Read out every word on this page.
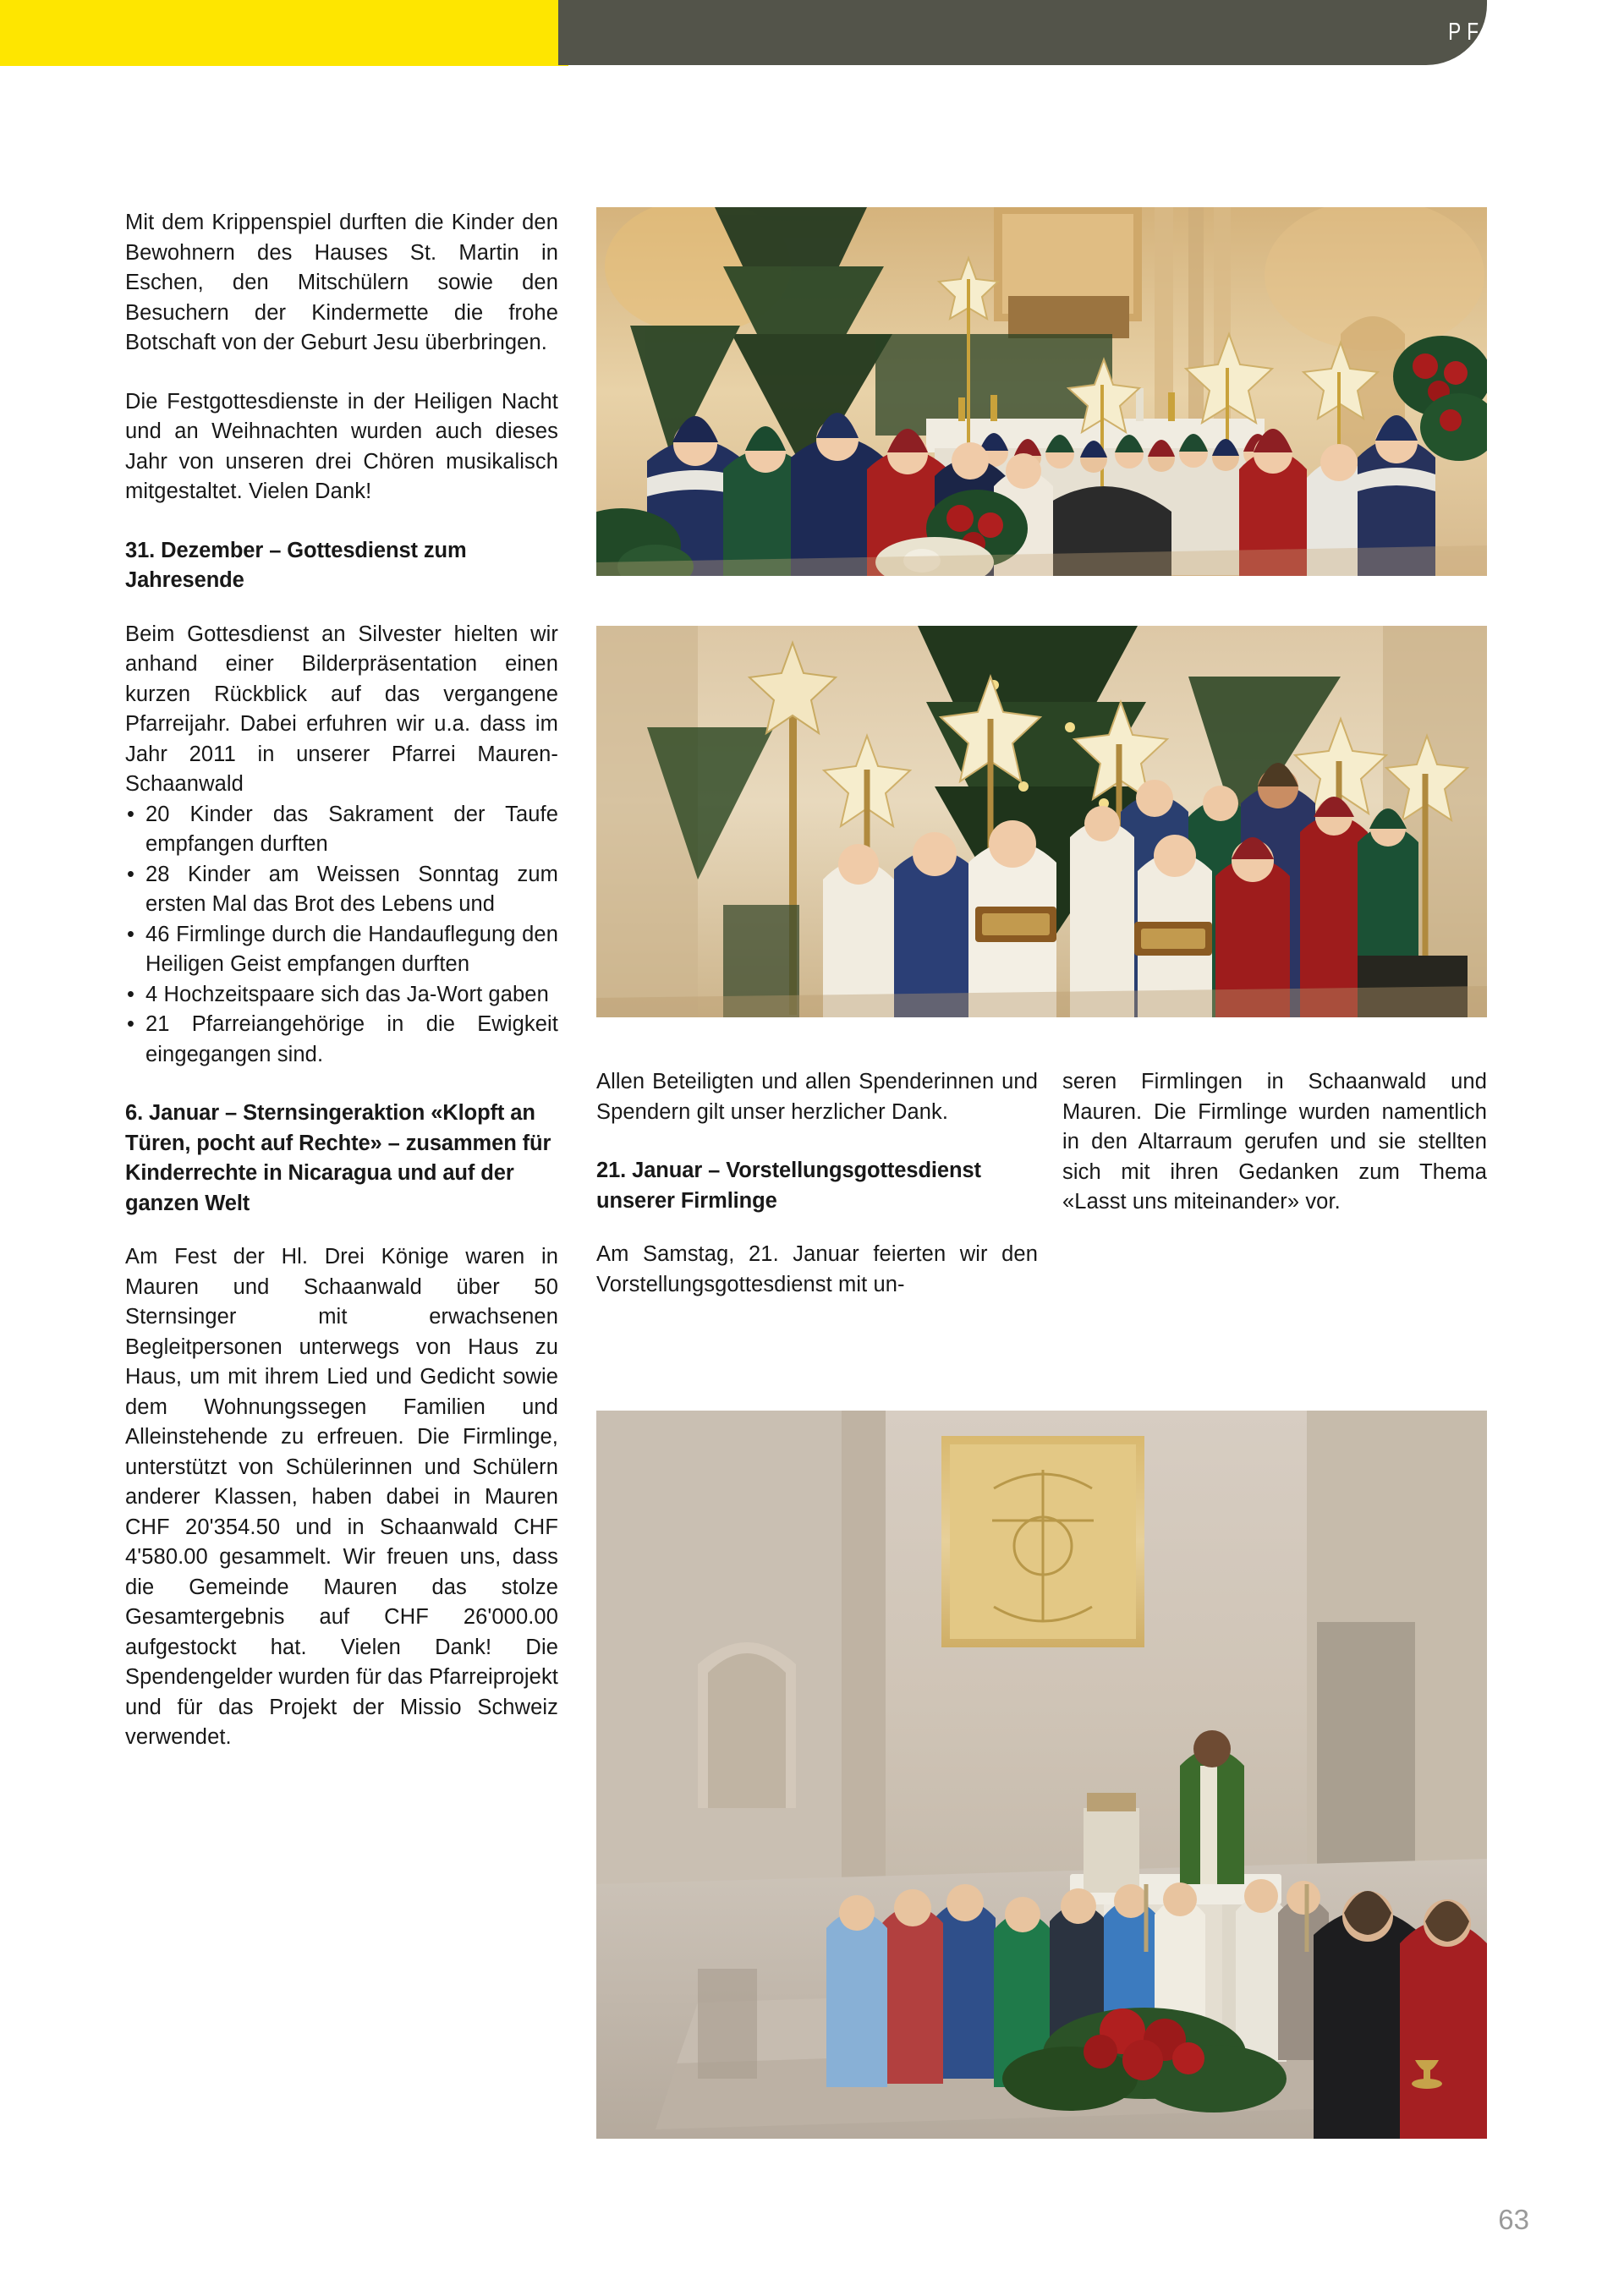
PFARREI

Mit dem Krippenspiel durften die Kinder den Bewohnern des Hauses St. Martin in Eschen, den Mitschülern sowie den Besuchern der Kindermette die frohe Botschaft von der Geburt Jesu überbringen.

Die Festgottesdienste in der Heiligen Nacht und an Weihnachten wurden auch dieses Jahr von unseren drei Chören musikalisch mitgestaltet. Vielen Dank!

31. Dezember – Gottesdienst zum Jahresende

Beim Gottesdienst an Silvester hielten wir anhand einer Bilderpräsentation einen kurzen Rückblick auf das vergangene Pfarreijahr. Dabei erfuhren wir u.a. dass im Jahr 2011 in unserer Pfarrei Mauren-Schaanwald

• 20 Kinder das Sakrament der Taufe empfangen durften
• 28 Kinder am Weissen Sonntag zum ersten Mal das Brot des Lebens und
• 46 Firmlinge durch die Handauflegung den Heiligen Geist empfangen durften
• 4 Hochzeitspaare sich das Ja-Wort gaben
• 21 Pfarreiangehörige in die Ewigkeit eingegangen sind.
6. Januar – Sternsingeraktion «Klopft an Türen, pocht auf Rechte» – zusammen für Kinderrechte in Nicaragua und auf der ganzen Welt

Am Fest der Hl. Drei Könige waren in Mauren und Schaanwald über 50 Sternsinger mit erwachsenen Begleitpersonen unterwegs von Haus zu Haus, um mit ihrem Lied und Gedicht sowie dem Wohnungssegen Familien und Alleinstehende zu erfreuen. Die Firmlinge, unterstützt von Schülerinnen und Schülern anderer Klassen, haben dabei in Mauren CHF 20'354.50 und in Schaanwald CHF 4'580.00 gesammelt. Wir freuen uns, dass die Gemeinde Mauren das stolze Gesamtergebnis auf CHF 26'000.00 aufgestockt hat. Vielen Dank! Die Spendengelder wurden für das Pfarreiprojekt und für das Projekt der Missio Schweiz verwendet.

Allen Beteiligten und allen Spenderinnen und Spendern gilt unser herzlicher Dank.

21. Januar – Vorstellungsgottesdienst unserer Firmlinge

Am Samstag, 21. Januar feierten wir den Vorstellungsgottesdienst mit un-

seren Firmlingen in Schaanwald und Mauren. Die Firmlinge wurden namentlich in den Altarraum gerufen und sie stellten sich mit ihren Gedanken zum Thema «Lasst uns miteinander» vor.

63
